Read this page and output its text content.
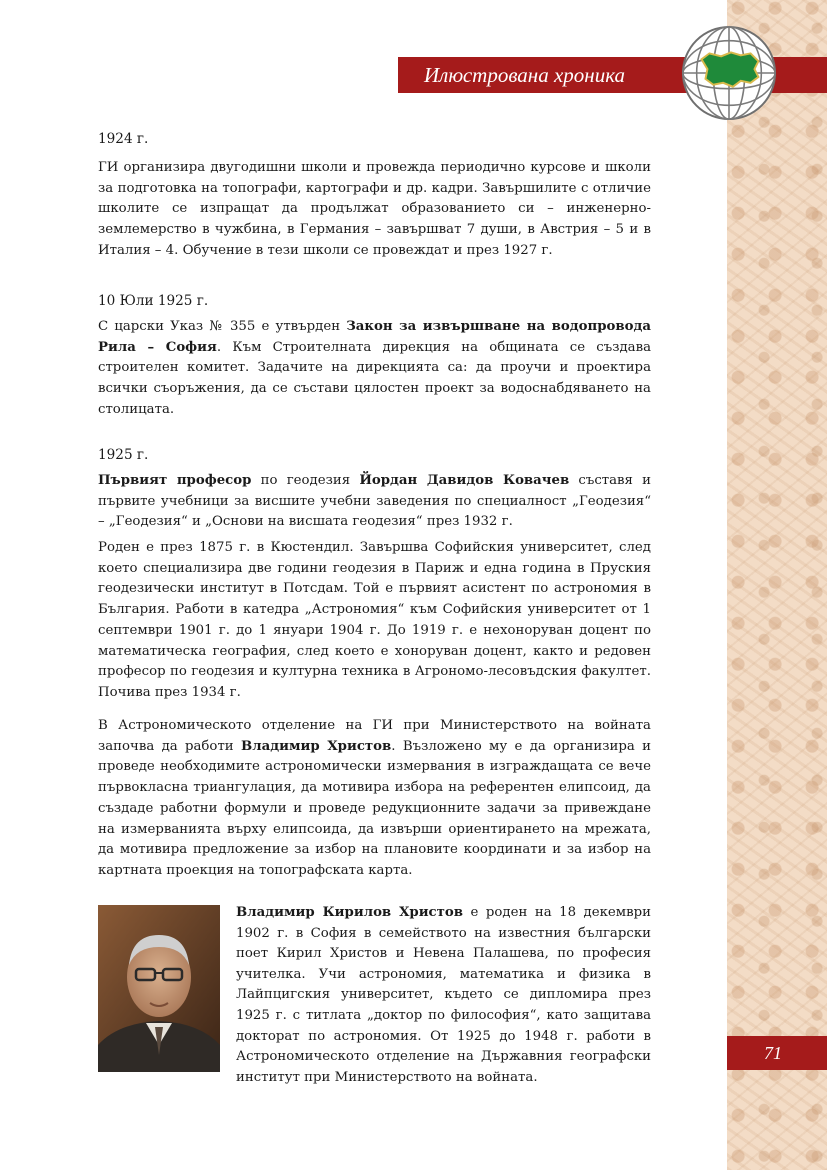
Илюстрована хроника
1924 г.
ГИ организира двугодишни школи и провежда периодично курсове и школи за подготовка на топографи, картографи и др. кадри. Завършилите с отличие школите се изпращат да продължат образованието си – инженерно-землемерство в чужбина, в Германия – завършват 7 души, в Австрия – 5 и в Италия – 4. Обучение в тези школи се провеждат и през 1927 г.
10 Юли 1925 г.
С царски Указ № 355 е утвърден Закон за извършване на водопровода Рила – София. Към Строителната дирекция на общината се създава строителен комитет. Задачите на дирекцията са: да проучи и проектира всички съоръжения, да се състави цялостен проект за водоснабдяването на столицата.
1925 г.
Първият професор по геодезия Йордан Давидов Ковачев съставя и първите учебници за висшите учебни заведения по специалност „Геодезия“ – „Геодезия“ и „Основи на висшата геодезия“ през 1932 г.
Роден е през 1875 г. в Кюстендил. Завършва Софийския университет, след което специализира две години геодезия в Париж и една година в Пруския геодезически институт в Потсдам. Той е първият асистент по астрономия в България. Работи в катедра „Астрономия“ към Софийския университет от 1 септември 1901 г. до 1 януари 1904 г. До 1919 г. е нехоноруван доцент по математическа география, след което е хоноруван доцент, както и редовен професор по геодезия и културна техника в Агрономо-лесовъдския факултет. Почива през 1934 г.
В Астрономическото отделение на ГИ при Министерството на войната започва да работи Владимир Христов. Възложено му е да организира и проведе необходимите астрономически измервания в изграждащата се вече първокласна триангулация, да мотивира избора на референтен елипсоид, да създаде работни формули и проведе редукционните задачи за привеждане на измерванията върху елипсоида, да извърши ориентирането на мрежата, да мотивира предложение за избор на плановите координати и за избор на картната проекция на топографската карта.
Владимир Кирилов Христов е роден на 18 декември 1902 г. в София в семейството на известния български поет Кирил Христов и Невена Палашева, по професия учителка. Учи астрономия, математика и физика в Лайпцигския университет, където се дипломира през 1925 г. с титлата „доктор по философия“, като защитава докторат по астрономия. От 1925 до 1948 г. работи в Астрономическото отделение на Държавния географски институт при Министерството на войната.
71
